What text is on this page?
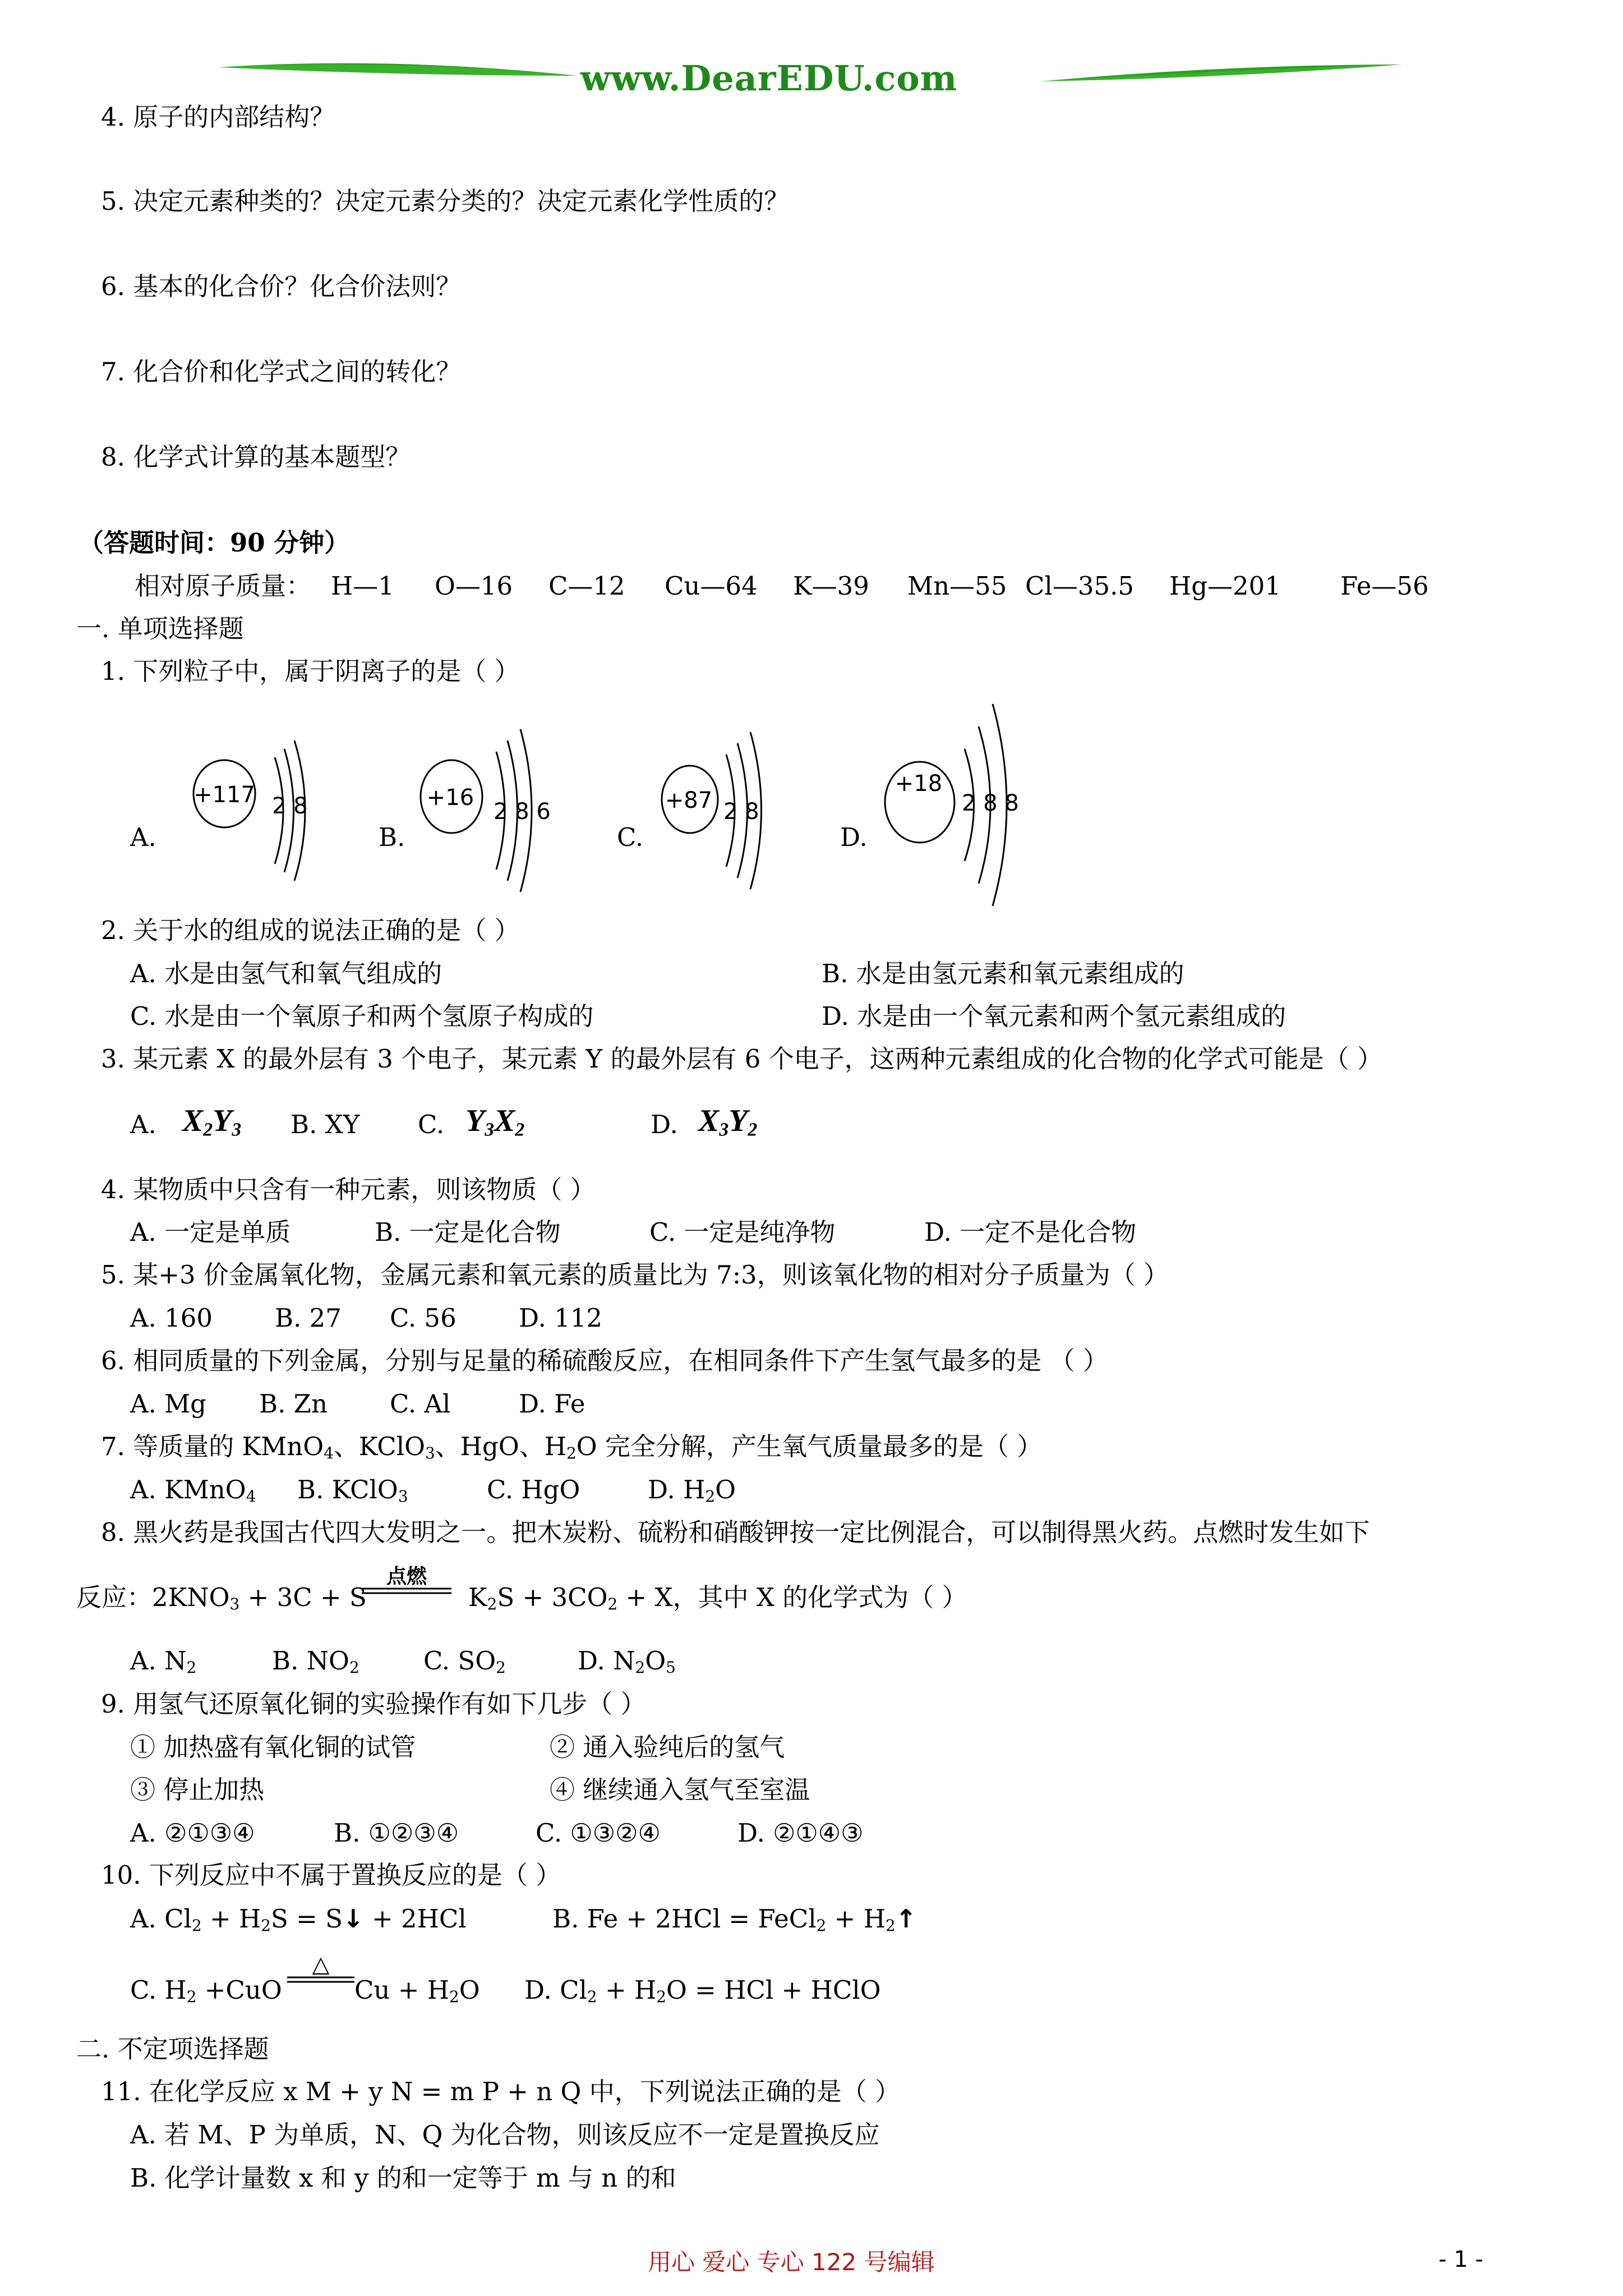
www.DearEDU.com
4. 原子的内部结构？
5. 决定元素种类的？决定元素分类的？决定元素化学性质的？
6. 基本的化合价？化合价法则？
7. 化合价和化学式之间的转化？
8. 化学式计算的基本题型？
（答题时间：90 分钟）
相对原子质量： H—1 O—16 C—12 Cu—64 K—39 Mn—55 Cl—35.5 Hg—201 Fe—56
一. 单项选择题
1. 下列粒子中，属于阴离子的是（ ）
A.
+117 2 8
B.
+16
2 8 6
C.
+87 2 8
D.
+18
2 8 8
2. 关于水的组成的说法正确的是（ ）
A. 水是由氢气和氧气组成的	B. 水是由氢元素和氧元素组成的
C. 水是由一个氧原子和两个氢原子构成的	D. 水是由一个氧元素和两个氢元素组成的
3. 某元素 X 的最外层有 3 个电子，某元素 Y 的最外层有 6 个电子，这两种元素组成的化合物的化学式可能是（ ）
A. X2Y3 B. XY C. Y3X2	D. X3Y2
4. 某物质中只含有一种元素，则该物质（ ）
A. 一定是单质	B. 一定是化合物	C. 一定是纯净物	D. 一定不是化合物
5. 某+3 价金属氧化物，金属元素和氧元素的质量比为 7:3，则该氧化物的相对分子质量为（ ）
A. 160 B. 27 C. 56 D. 112
6. 相同质量的下列金属，分别与足量的稀硫酸反应，在相同条件下产生氢气最多的是 （ ）
A. Mg B. Zn C. Al	D. Fe
7. 等质量的 KMnO$_4$、KClO$_3$、HgO、$H_2O$ 完全分解，产生氧气质量最多的是（ ）
A. KMnO$_4$ B. KClO$_3$	C. HgO	D. $H_2O$
8. 黑火药是我国古代四大发明之一。把木炭粉、硫粉和硝酸钾按一定比例混合，可以制得黑火药。点燃时发生如下
反应：$2KNO_3 + 3C + S$
点燃
$K_2S + 3CO_2 + X$，其中 X 的化学式为（ ）
A. $N_2$	B. $NO_2$	C. $SO_2$	D. $N_2O_5$
9. 用氢气还原氧化铜的实验操作有如下几步（ ）
① 加热盛有氧化铜的试管	② 通入验纯后的氢气
③ 停止加热	④ 继续通入氢气至室温
A. ②①③④	B. ①②③④	C. ①③②④	D. ②①④③
10. 下列反应中不属于置换反应的是（ ）
A. $Cl_2 + H_2S$ = S↓ + 2HCl	B. Fe + 2HCl = FeCl$_2$ + $H_2↑$
C. $H_2 +CuO$
△
$Cu + H_2O$ D. $Cl_2 + H_2O$ = HCl + HClO
二. 不定项选择题
11. 在化学反应 x M + y N = m P + n Q 中，下列说法正确的是（ ）
A. 若 M、P 为单质，N、Q 为化合物，则该反应不一定是置换反应
B. 化学计量数 x 和 y 的和一定等于 m 与 n 的和
用心 爱心 专心 122 号编辑	- 1 -
